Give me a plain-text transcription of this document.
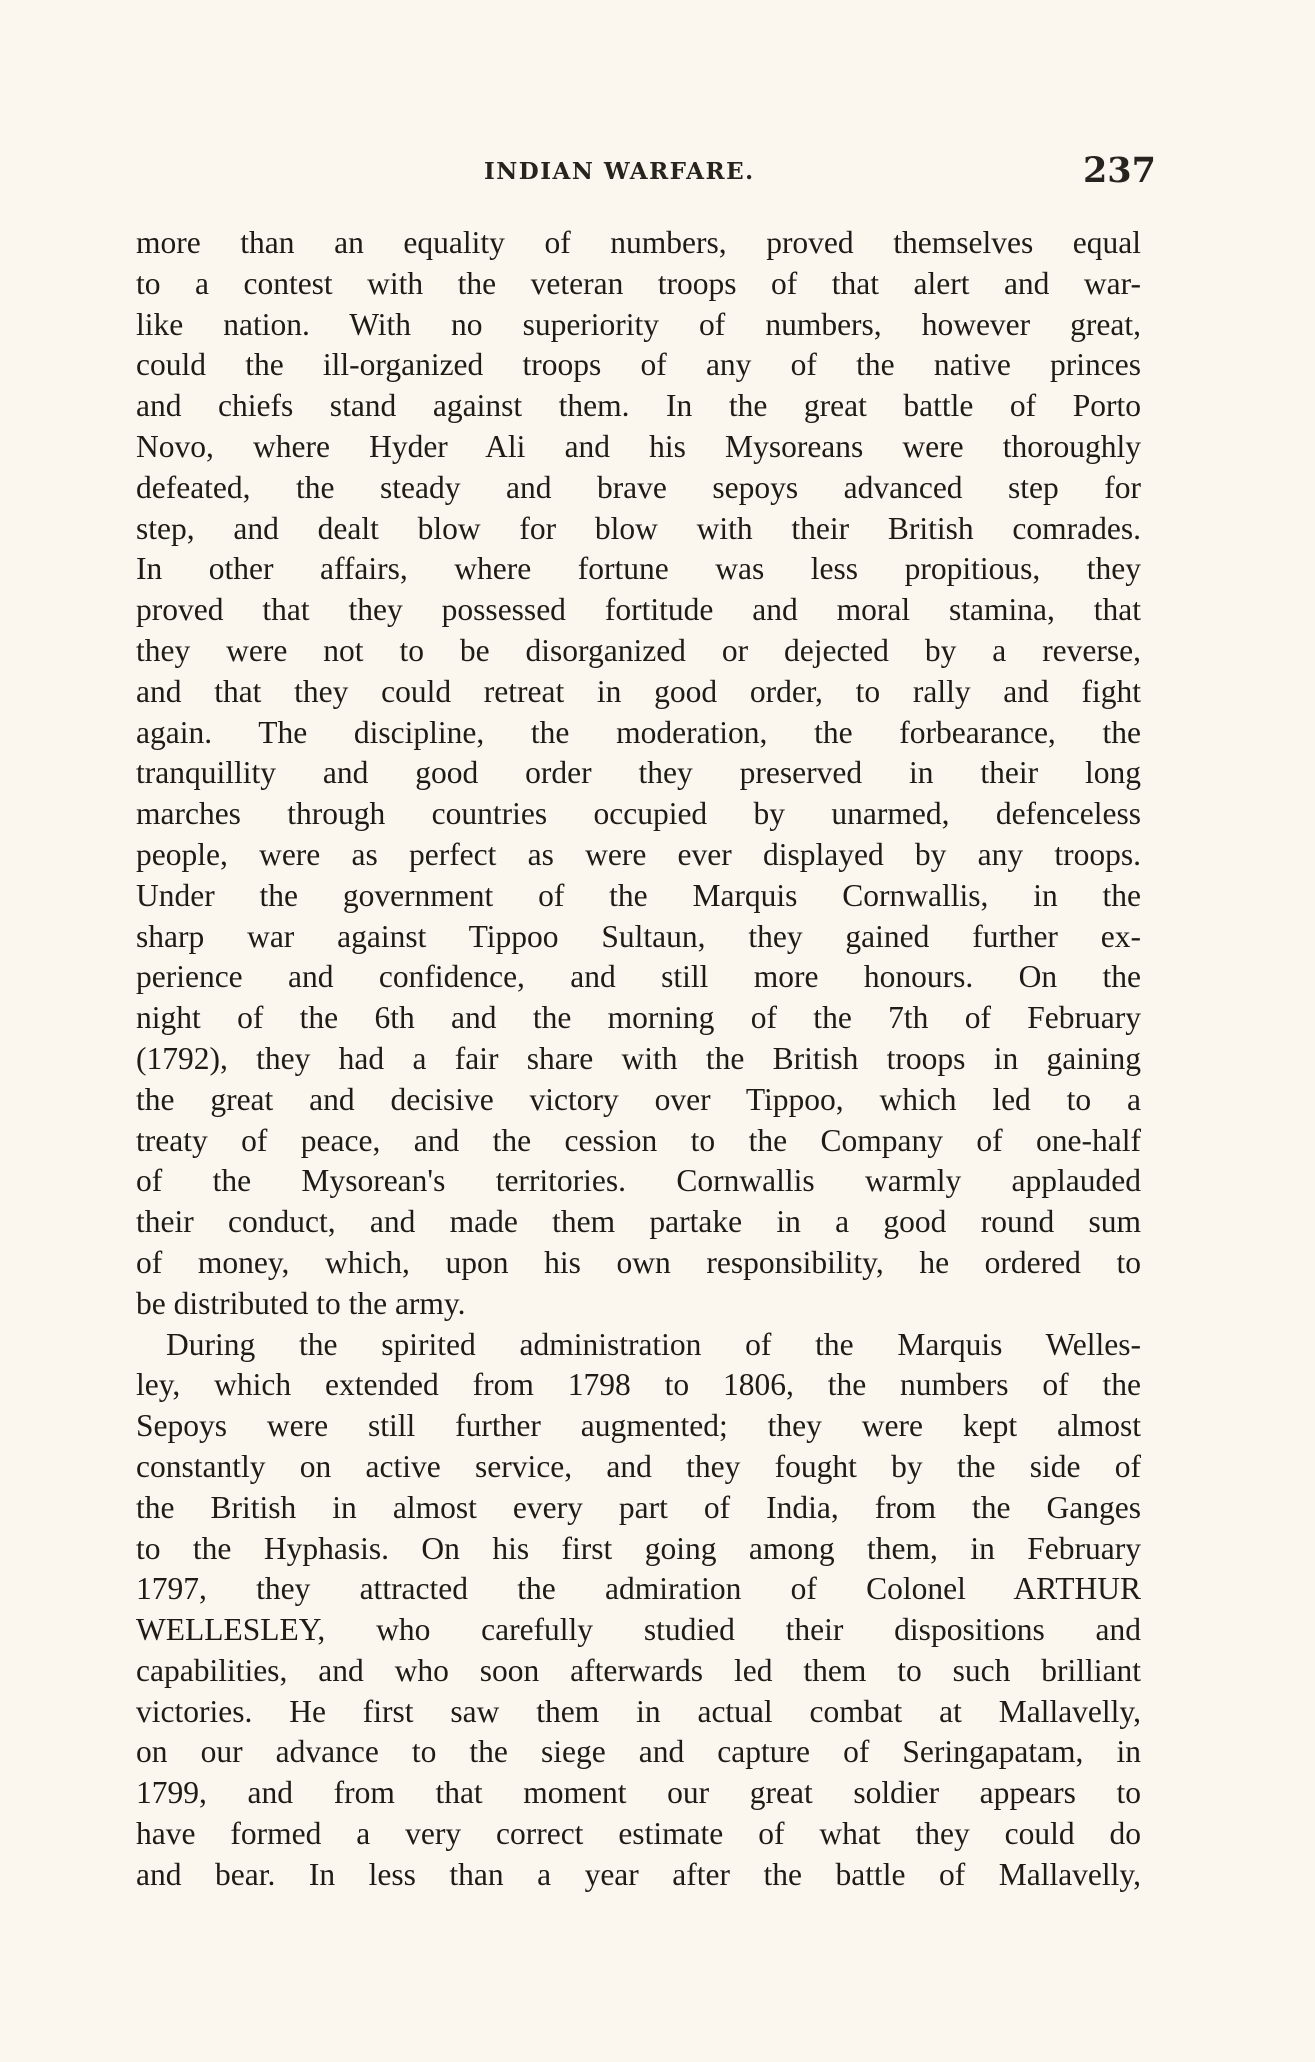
INDIAN WARFARE.	237
more than an equality of numbers, proved themselves equal
to a contest with the veteran troops of that alert and war-
like nation. With no superiority of numbers, however great,
could the ill-organized troops of any of the native princes
and chiefs stand against them. In the great battle of Porto
Novo, where Hyder Ali and his Mysoreans were thoroughly
defeated, the steady and brave sepoys advanced step for
step, and dealt blow for blow with their British comrades.
In other affairs, where fortune was less propitious, they
proved that they possessed fortitude and moral stamina, that
they were not to be disorganized or dejected by a reverse,
and that they could retreat in good order, to rally and fight
again. The discipline, the moderation, the forbearance, the
tranquillity and good order they preserved in their long
marches through countries occupied by unarmed, defenceless
people, were as perfect as were ever displayed by any troops.
Under the government of the Marquis Cornwallis, in the
sharp war against Tippoo Sultaun, they gained further ex-
perience and confidence, and still more honours. On the
night of the 6th and the morning of the 7th of February
(1792), they had a fair share with the British troops in gaining
the great and decisive victory over Tippoo, which led to a
treaty of peace, and the cession to the Company of one-half
of the Mysorean's territories. Cornwallis warmly applauded
their conduct, and made them partake in a good round sum
of money, which, upon his own responsibility, he ordered to
be distributed to the army.
During the spirited administration of the Marquis Welles-
ley, which extended from 1798 to 1806, the numbers of the
Sepoys were still further augmented; they were kept almost
constantly on active service, and they fought by the side of
the British in almost every part of India, from the Ganges
to the Hyphasis. On his first going among them, in February
1797, they attracted the admiration of Colonel ARTHUR
WELLESLEY, who carefully studied their dispositions and
capabilities, and who soon afterwards led them to such brilliant
victories. He first saw them in actual combat at Mallavelly,
on our advance to the siege and capture of Seringapatam, in
1799, and from that moment our great soldier appears to
have formed a very correct estimate of what they could do
and bear. In less than a year after the battle of Mallavelly,
